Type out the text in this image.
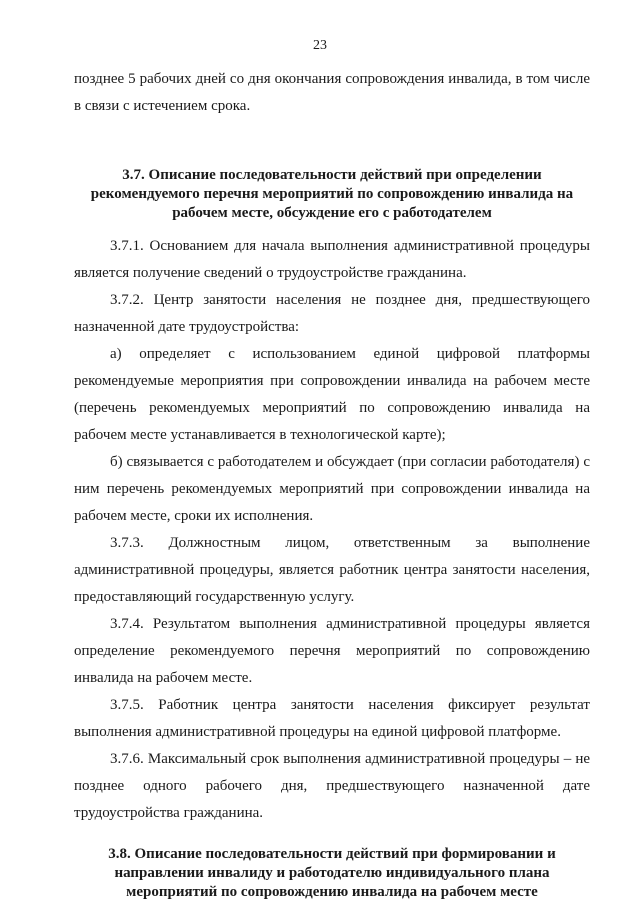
23

позднее 5 рабочих дней со дня окончания сопровождения инвалида, в том числе в связи с истечением срока.

3.7. Описание последовательности действий при определении рекомендуемого перечня мероприятий по сопровождению инвалида на рабочем месте, обсуждение его с работодателем

3.7.1. Основанием для начала выполнения административной процедуры является получение сведений о трудоустройстве гражданина.

3.7.2. Центр занятости населения не позднее дня, предшествующего назначенной дате трудоустройства:

а) определяет с использованием единой цифровой платформы рекомендуемые мероприятия при сопровождении инвалида на рабочем месте (перечень рекомендуемых мероприятий по сопровождению инвалида на рабочем месте устанавливается в технологической карте);

б) связывается с работодателем и обсуждает (при согласии работодателя) с ним перечень рекомендуемых мероприятий при сопровождении инвалида на рабочем месте, сроки их исполнения.

3.7.3. Должностным лицом, ответственным за выполнение административной процедуры, является работник центра занятости населения, предоставляющий государственную услугу.

3.7.4. Результатом выполнения административной процедуры является определение рекомендуемого перечня мероприятий по сопровождению инвалида на рабочем месте.

3.7.5. Работник центра занятости населения фиксирует результат выполнения административной процедуры на единой цифровой платформе.

3.7.6. Максимальный срок выполнения административной процедуры – не позднее одного рабочего дня, предшествующего назначенной дате трудоустройства гражданина.

3.8. Описание последовательности действий при формировании и направлении инвалиду и работодателю индивидуального плана мероприятий по сопровождению инвалида на рабочем месте
